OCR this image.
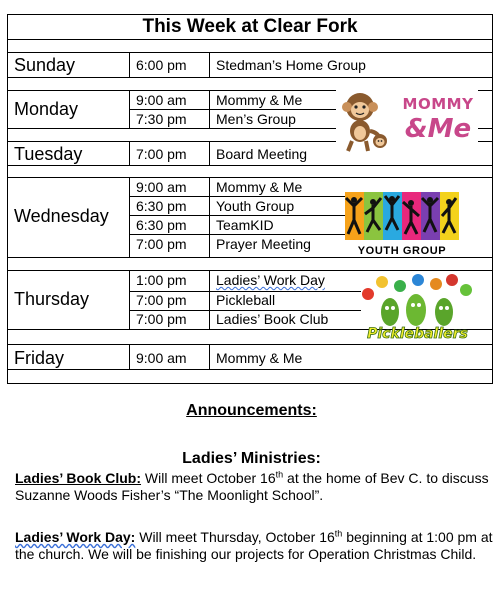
This Week at Clear Fork
Sunday	6:00 pm Stedman’s Home Group
Monday	9:00 am Mommy & Me
7:30 pm Men’s Group
Tuesday	7:00 pm Board Meeting
Wednesday
9:00 am Mommy & Me
6:30 pm Youth Group
6:30 pm TeamKID
7:00 pm Prayer Meeting
Thursday
1:00 pm Ladies’ Work Day
7:00 pm Pickleball
7:00 pm Ladies’ Book Club
Friday	9:00 am Mommy & Me
MOMMY
&Me
YOUTH GROUP
Pickleballers
Announcements:
Ladies’ Ministries:
Ladies’ Book Club: Will meet October 16th at the home of Bev C. to discuss Suzanne Woods Fisher’s “The Moonlight School”.
Ladies’ Work Day: Will meet Thursday, October 16th beginning at 1:00 pm at the church. We will be finishing our projects for Operation Christmas Child.
